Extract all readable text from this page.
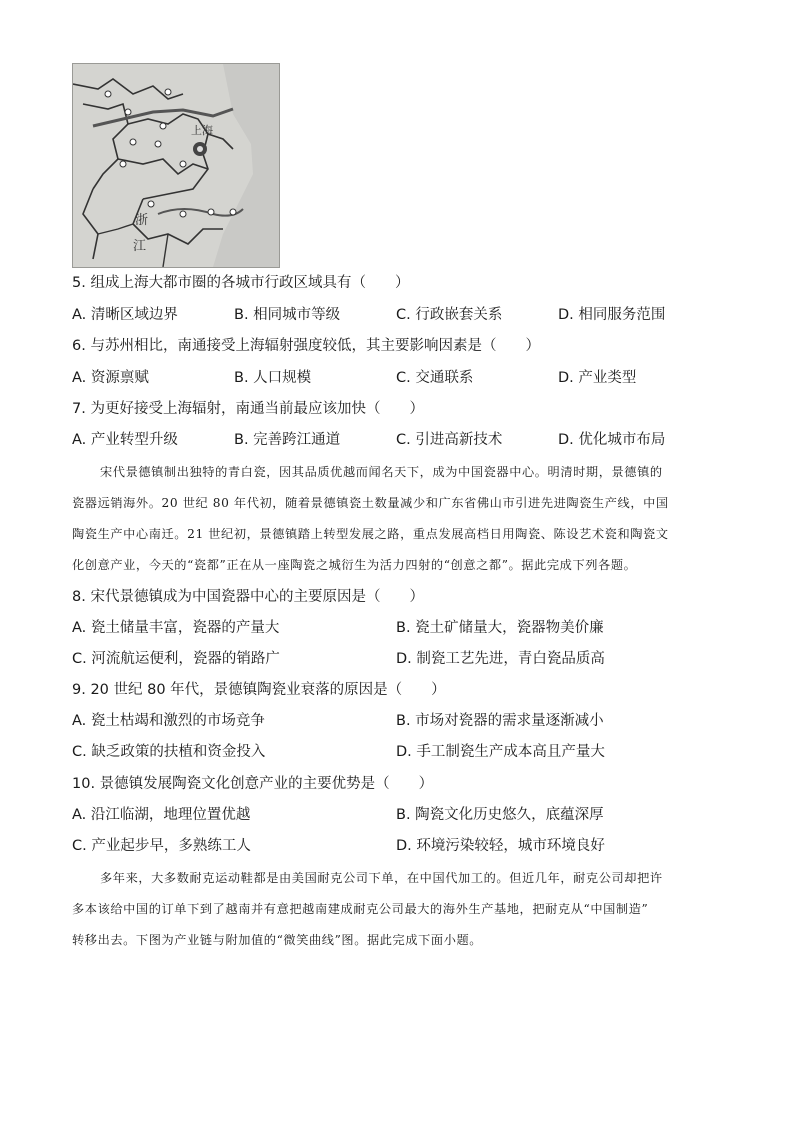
上海
浙
江
5. 组成上海大都市圈的各城市行政区域具有（　　）
A. 清晰区域边界	B. 相同城市等级	C. 行政嵌套关系	D. 相同服务范围
6. 与苏州相比，南通接受上海辐射强度较低，其主要影响因素是（　　）
A. 资源禀赋	B. 人口规模	C. 交通联系	D. 产业类型
7. 为更好接受上海辐射，南通当前最应该加快（　　）
A. 产业转型升级	B. 完善跨江通道	C. 引进高新技术	D. 优化城市布局
宋代景德镇制出独特的青白瓷，因其品质优越而闻名天下，成为中国瓷器中心。明清时期，景德镇的
瓷器远销海外。20 世纪 80 年代初，随着景德镇瓷土数量减少和广东省佛山市引进先进陶瓷生产线，中国
陶瓷生产中心南迁。21 世纪初，景德镇踏上转型发展之路，重点发展高档日用陶瓷、陈设艺术瓷和陶瓷文
化创意产业，今天的“瓷都”正在从一座陶瓷之城衍生为活力四射的“创意之都”。据此完成下列各题。
8. 宋代景德镇成为中国瓷器中心的主要原因是（　　）
A. 瓷土储量丰富，瓷器的产量大	B. 瓷土矿储量大，瓷器物美价廉
C. 河流航运便利，瓷器的销路广	D. 制瓷工艺先进，青白瓷品质高
9. 20 世纪 80 年代，景德镇陶瓷业衰落的原因是（　　）
A. 瓷土枯竭和激烈的市场竞争	B. 市场对瓷器的需求量逐渐减小
C. 缺乏政策的扶植和资金投入	D. 手工制瓷生产成本高且产量大
10. 景德镇发展陶瓷文化创意产业的主要优势是（　　）
A. 沿江临湖，地理位置优越	B. 陶瓷文化历史悠久，底蕴深厚
C. 产业起步早，多熟练工人	D. 环境污染较轻，城市环境良好
多年来，大多数耐克运动鞋都是由美国耐克公司下单，在中国代加工的。但近几年，耐克公司却把许
多本该给中国的订单下到了越南并有意把越南建成耐克公司最大的海外生产基地，把耐克从“中国制造”
转移出去。下图为产业链与附加值的“微笑曲线”图。据此完成下面小题。
